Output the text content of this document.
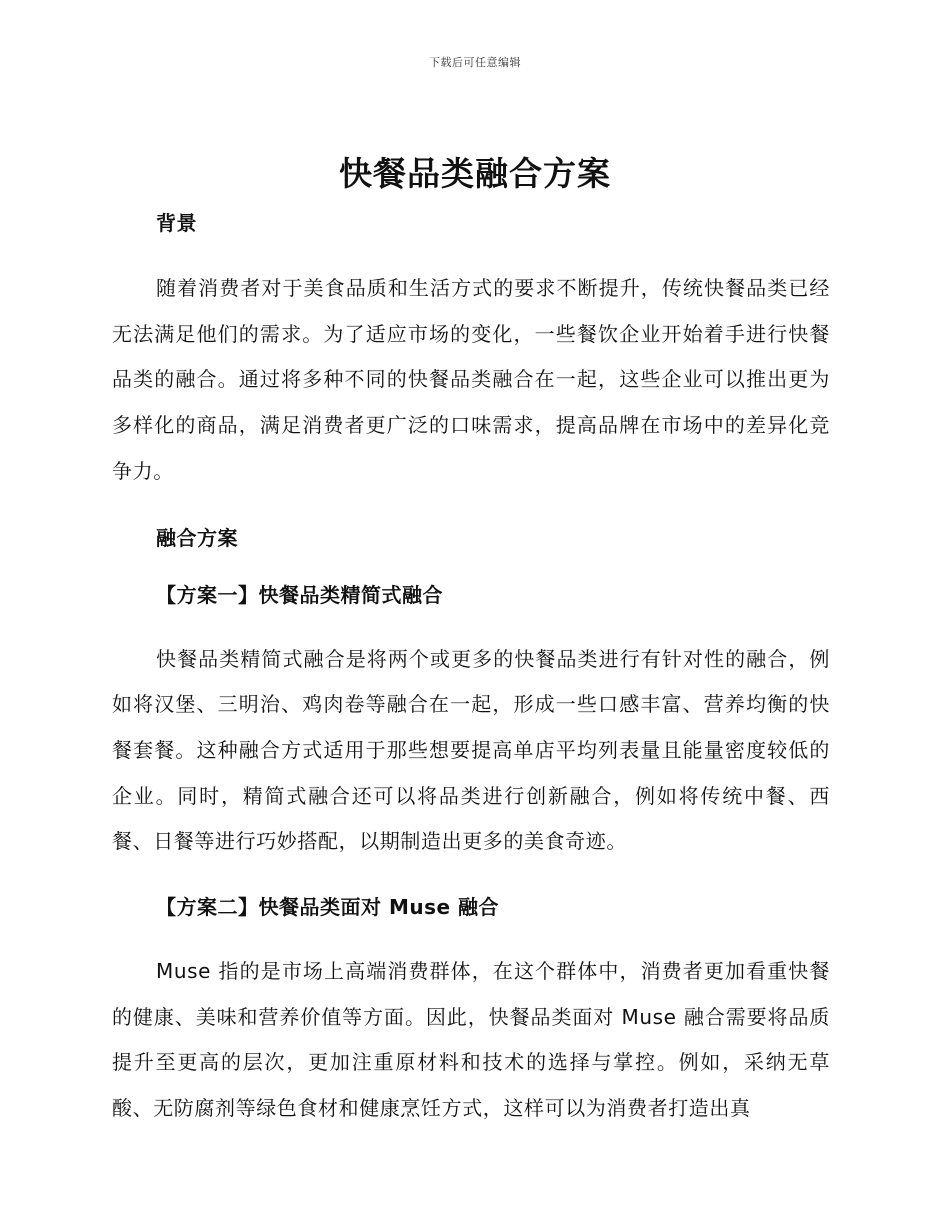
下载后可任意编辑
快餐品类融合方案
背景

随着消费者对于美食品质和生活方式的要求不断提升，传统快餐品类已经无法满足他们的需求。为了适应市场的变化，一些餐饮企业开始着手进行快餐品类的融合。通过将多种不同的快餐品类融合在一起，这些企业可以推出更为多样化的商品，满足消费者更广泛的口味需求，提高品牌在市场中的差异化竞争力。

融合方案
【方案一】快餐品类精简式融合

快餐品类精简式融合是将两个或更多的快餐品类进行有针对性的融合，例如将汉堡、三明治、鸡肉卷等融合在一起，形成一些口感丰富、营养均衡的快餐套餐。这种融合方式适用于那些想要提高单店平均列表量且能量密度较低的企业。同时，精简式融合还可以将品类进行创新融合，例如将传统中餐、西餐、日餐等进行巧妙搭配，以期制造出更多的美食奇迹。

【方案二】快餐品类面对 Muse 融合

Muse 指的是市场上高端消费群体，在这个群体中，消费者更加看重快餐的健康、美味和营养价值等方面。因此，快餐品类面对 Muse 融合需要将品质提升至更高的层次，更加注重原材料和技术的选择与掌控。例如，采纳无草酸、无防腐剂等绿色食材和健康烹饪方式，这样可以为消费者打造出真
